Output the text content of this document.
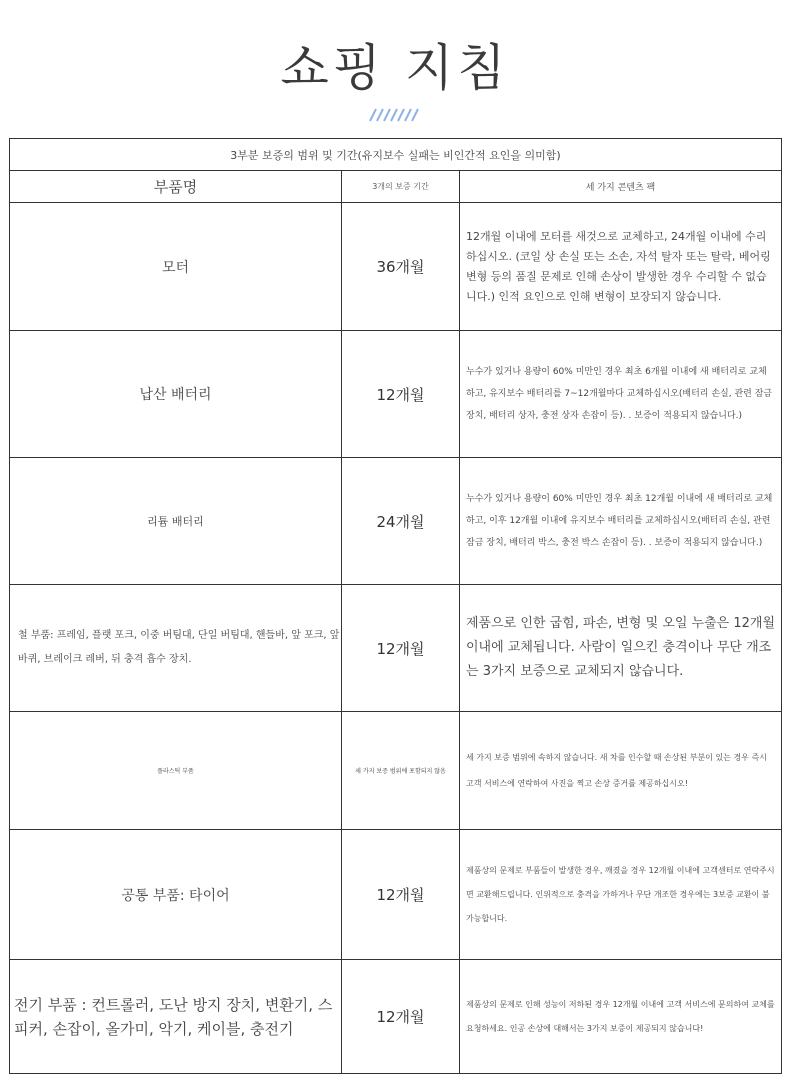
쇼핑 지침
3부분 보증의 범위 및 기간(유지보수 실패는 비인간적 요인을 의미함)		
부품명	3개의 보증 기간	세 가지 콘텐츠 팩
모터	36개월	12개월 이내에 모터를 새것으로 교체하고, 24개월 이내에 수리하십시오. (코일 상 손실 또는 소손, 자석 탈자 또는 탈락, 베어링 변형 등의 품질 문제로 인해 손상이 발생한 경우 수리할 수 없습니다.) 인적 요인으로 인해 변형이 보장되지 않습니다.
납산 배터리	12개월	누수가 있거나 용량이 60% 미만인 경우 최초 6개월 이내에 새 배터리로 교체하고, 유지보수 배터리를 7~12개월마다 교체하십시오(배터리 손실, 관련 잠금 장치, 배터리 상자, 충전 상자 손잡이 등). . 보증이 적용되지 않습니다.)
리튬 배터리	24개월	누수가 있거나 용량이 60% 미만인 경우 최초 12개월 이내에 새 배터리로 교체하고, 이후 12개월 이내에 유지보수 배터리를 교체하십시오(배터리 손실, 관련 잠금 장치, 배터리 박스, 충전 박스 손잡이 등). . 보증이 적용되지 않습니다.)
철 부품: 프레임, 플랫 포크, 이중 버팀대, 단일 버팀대, 핸들바, 앞 포크, 앞바퀴, 브레이크 레버, 뒤 충격 흡수 장치.	12개월	제품으로 인한 굽힘, 파손, 변형 및 오일 누출은 12개월 이내에 교체됩니다. 사람이 일으킨 충격이나 무단 개조는 3가지 보증으로 교체되지 않습니다.
플라스틱 부품	세 가지 보증 범위에 포함되지 않음	세 가지 보증 범위에 속하지 않습니다. 새 차를 인수할 때 손상된 부분이 있는 경우 즉시 고객 서비스에 연락하여 사진을 찍고 손상 증거를 제공하십시오!
공통 부품: 타이어	12개월	제품상의 문제로 부품들이 발생한 경우, 깨졌을 경우 12개월 이내에 고객센터로 연락주시면 교환해드립니다. 인위적으로 충격을 가하거나 무단 개조한 경우에는 3보증 교환이 불가능합니다.
전기 부품 : 컨트롤러, 도난 방지 장치, 변환기, 스피커, 손잡이, 올가미, 악기, 케이블, 충전기	12개월	제품상의 문제로 인해 성능이 저하된 경우 12개월 이내에 고객 서비스에 문의하여 교체를 요청하세요. 인공 손상에 대해서는 3가지 보증이 제공되지 않습니다!
